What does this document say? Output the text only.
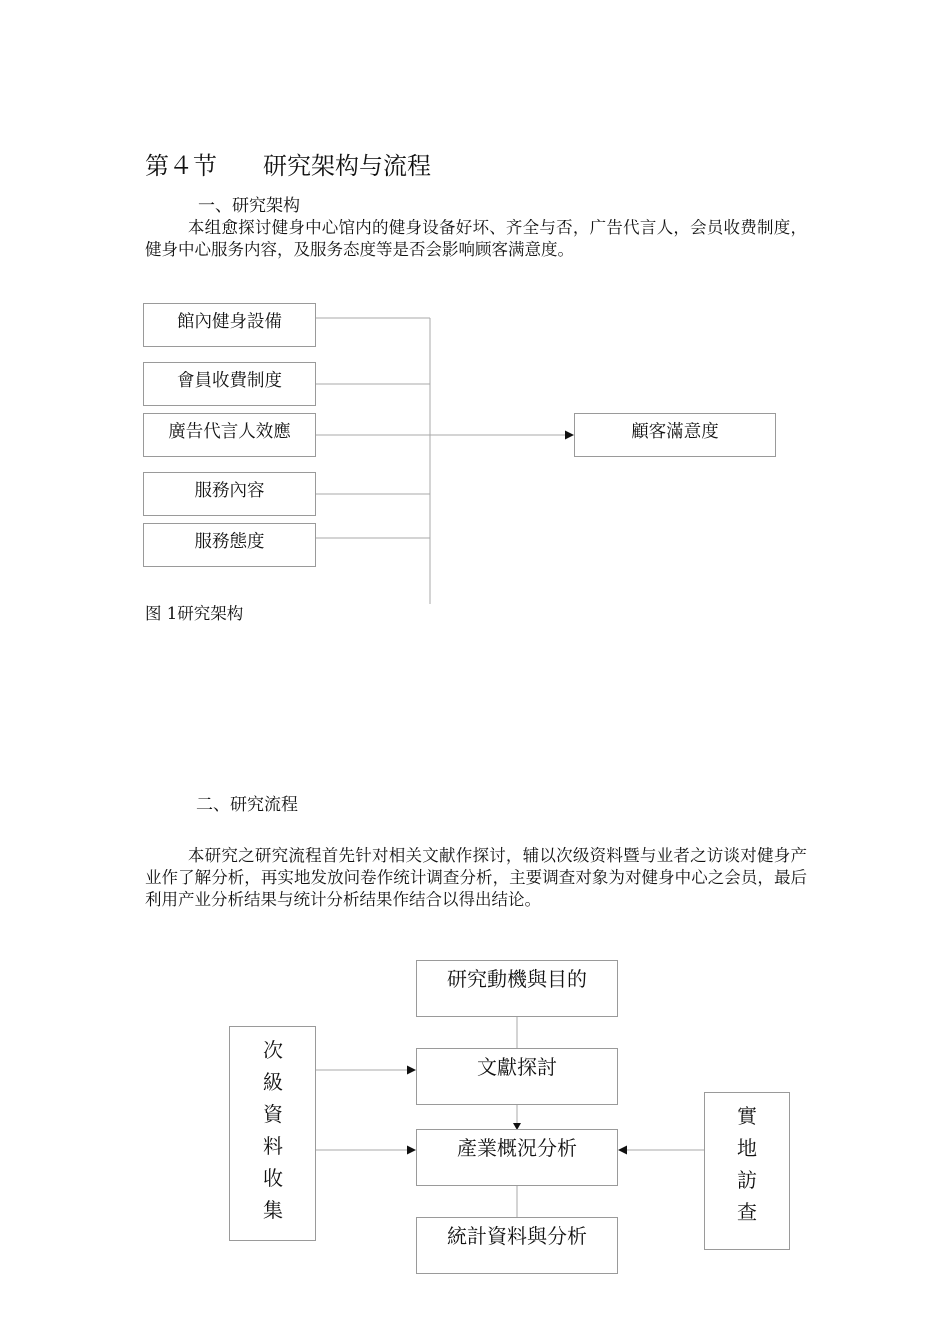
第４节 研究架构与流程
一、研究架构
本组愈探讨健身中心馆内的健身设备好坏、齐全与否，广告代言人，会员收费制度，健身中心服务内容，及服务态度等是否会影响顾客满意度。
館內健身設備
會員收費制度
廣告代言人效應
服務內容
服務態度
顧客滿意度
图 1研究架构
二、研究流程
本研究之研究流程首先针对相关文献作探讨，辅以次级资料暨与业者之访谈对健身产业作了解分析，再实地发放问卷作统计调查分析，主要调查对象为对健身中心之会员，最后利用产业分析结果与统计分析结果作结合以得出结论。
研究動機與目的
文獻探討
產業概況分析
統計資料與分析
次
級
資
料
收
集
實
地
訪
查
